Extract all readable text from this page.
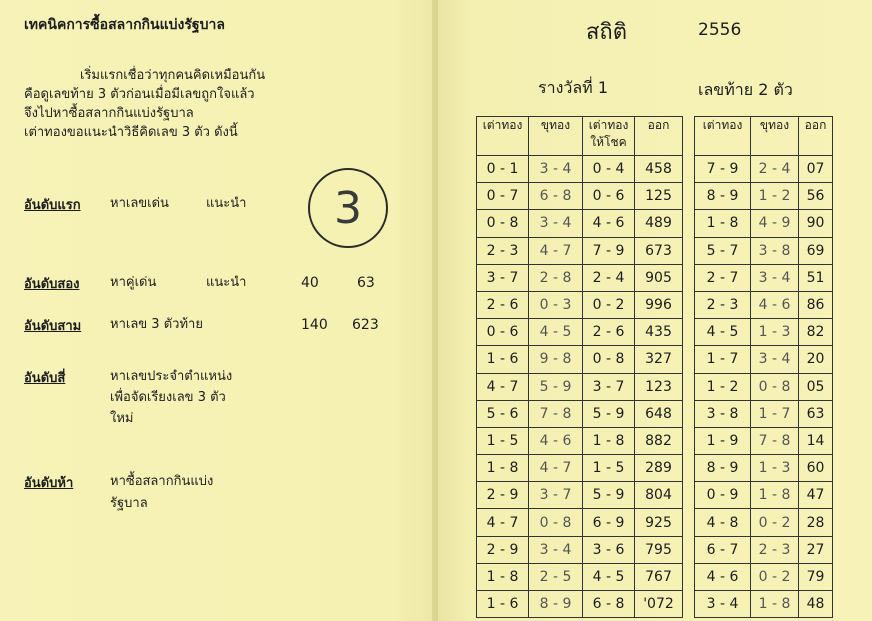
เทคนิคการซื้อสลากกินแบ่งรัฐบาล
เริ่มแรกเชื่อว่าทุกคนคิดเหมือนกัน
คือดูเลขท้าย 3 ตัวก่อนเมื่อมีเลขถูกใจแล้ว
จึงไปหาซื้อสลากกินแบ่งรัฐบาล
เต่าทองขอแนะนำวิธีคิดเลข 3 ตัว ดังนี้
อันดับแรก หาเลขเด่น	แนะนำ	3
อันดับสอง หาคู่เด่น	แนะนำ	40	63
อันดับสาม หาเลข 3 ตัวท้าย	140 623
อันดับสี่	หาเลขประจำตำแหน่ง
เพื่อจัดเรียงเลข 3 ตัว
ใหม่
อันดับห้า	หาซื้อสลากกินแบ่ง
รัฐบาล
สถิติ	2556
รางวัลที่ 1	เลขท้าย 2 ตัว
เต่าทอง	ขุทอง	เต่าทอง
ให้โชค	ออก
0 - 1	3 - 4	0 - 4	458
0 - 7	6 - 8	0 - 6	125
0 - 8	3 - 4	4 - 6	489
2 - 3	4 - 7	7 - 9	673
3 - 7	2 - 8	2 - 4	905
2 - 6	0 - 3	0 - 2	996
0 - 6	4 - 5	2 - 6	435
1 - 6	9 - 8	0 - 8	327
4 - 7	5 - 9	3 - 7	123
5 - 6	7 - 8	5 - 9	648
1 - 5	4 - 6	1 - 8	882
1 - 8	4 - 7	1 - 5	289
2 - 9	3 - 7	5 - 9	804
4 - 7	0 - 8	6 - 9	925
2 - 9	3 - 4	3 - 6	795
1 - 8	2 - 5	4 - 5	767
1 - 6	8 - 9	6 - 8	'072
เต่าทอง	ขุทอง	ออก
7 - 9	2 - 4	07
8 - 9	1 - 2	56
1 - 8	4 - 9	90
5 - 7	3 - 8	69
2 - 7	3 - 4	51
2 - 3	4 - 6	86
4 - 5	1 - 3	82
1 - 7	3 - 4	20
1 - 2	0 - 8	05
3 - 8	1 - 7	63
1 - 9	7 - 8	14
8 - 9	1 - 3	60
0 - 9	1 - 8	47
4 - 8	0 - 2	28
6 - 7	2 - 3	27
4 - 6	0 - 2	79
3 - 4	1 - 8	48
